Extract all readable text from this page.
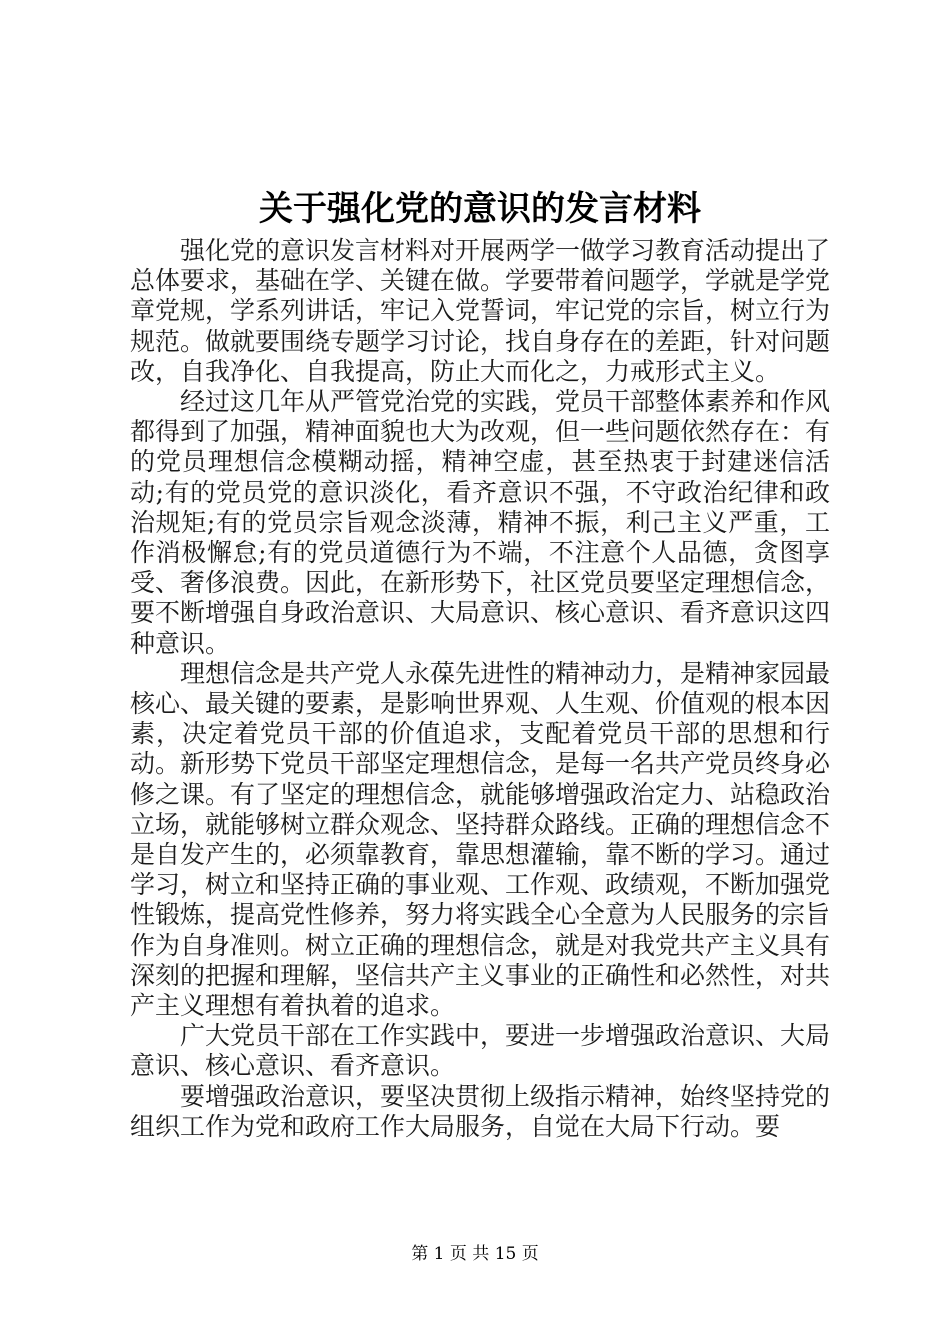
关于强化党的意识的发言材料

强化党的意识发言材料对开展两学一做学习教育活动提出了总体要求，基础在学、关键在做。学要带着问题学，学就是学党章党规，学系列讲话，牢记入党誓词，牢记党的宗旨，树立行为规范。做就要围绕专题学习讨论，找自身存在的差距，针对问题改，自我净化、自我提高，防止大而化之，力戒形式主义。

经过这几年从严管党治党的实践，党员干部整体素养和作风都得到了加强，精神面貌也大为改观，但一些问题依然存在：有的党员理想信念模糊动摇，精神空虚，甚至热衷于封建迷信活动;有的党员党的意识淡化，看齐意识不强，不守政治纪律和政治规矩;有的党员宗旨观念淡薄，精神不振，利己主义严重，工作消极懈怠;有的党员道德行为不端，不注意个人品德，贪图享受、奢侈浪费。因此，在新形势下，社区党员要坚定理想信念，要不断增强自身政治意识、大局意识、核心意识、看齐意识这四种意识。

理想信念是共产党人永葆先进性的精神动力，是精神家园最核心、最关键的要素，是影响世界观、人生观、价值观的根本因素，决定着党员干部的价值追求，支配着党员干部的思想和行动。新形势下党员干部坚定理想信念，是每一名共产党员终身必修之课。有了坚定的理想信念，就能够增强政治定力、站稳政治立场，就能够树立群众观念、坚持群众路线。正确的理想信念不是自发产生的，必须靠教育，靠思想灌输，靠不断的学习。通过学习，树立和坚持正确的事业观、工作观、政绩观，不断加强党性锻炼，提高党性修养，努力将实践全心全意为人民服务的宗旨作为自身准则。树立正确的理想信念，就是对我党共产主义具有深刻的把握和理解，坚信共产主义事业的正确性和必然性，对共产主义理想有着执着的追求。

广大党员干部在工作实践中，要进一步增强政治意识、大局意识、核心意识、看齐意识。

要增强政治意识，要坚决贯彻上级指示精神，始终坚持党的组织工作为党和政府工作大局服务，自觉在大局下行动。要

第 1 页 共 15 页
